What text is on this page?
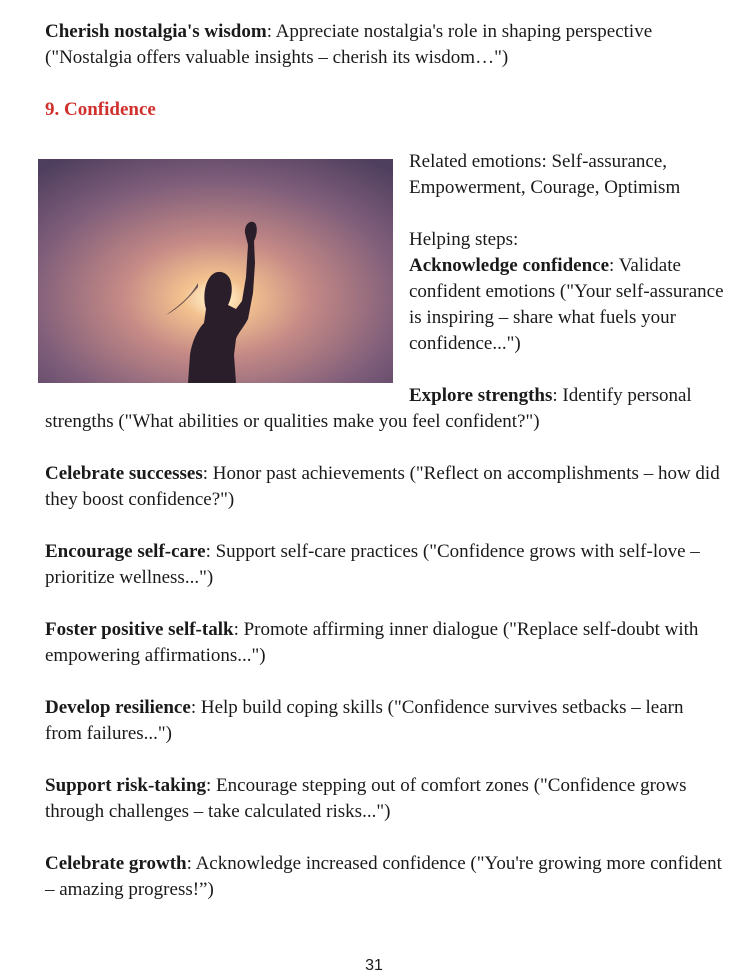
Cherish nostalgia's wisdom: Appreciate nostalgia's role in shaping perspective ("Nostalgia offers valuable insights – cherish its wisdom…")

9. Confidence

Related emotions: Self-assurance, Empowerment, Courage, Optimism

Helping steps:

Acknowledge confidence: Validate confident emotions ("Your self-assurance is inspiring – share what fuels your confidence...")

Explore strengths: Identify personal strengths ("What abilities or qualities make you feel confident?")

Celebrate successes: Honor past achievements ("Reflect on accomplishments – how did they boost confidence?")

Encourage self-care: Support self-care practices ("Confidence grows with self-love – prioritize wellness...")

Foster positive self-talk: Promote affirming inner dialogue ("Replace self-doubt with empowering affirmations...")

Develop resilience: Help build coping skills ("Confidence survives setbacks – learn from failures...")

Support risk-taking: Encourage stepping out of comfort zones ("Confidence grows through challenges – take calculated risks...")

Celebrate growth: Acknowledge increased confidence ("You're growing more confident – amazing progress!”)

31
